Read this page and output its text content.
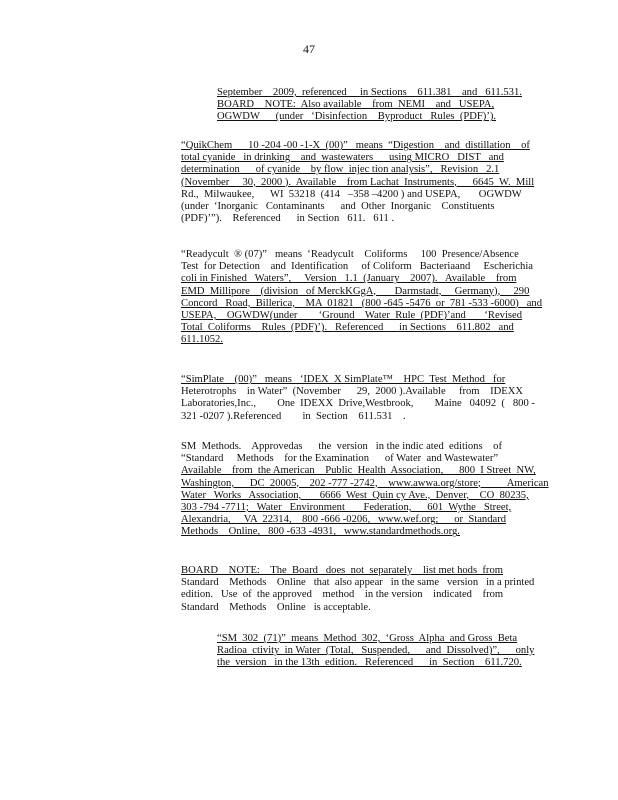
47
September    2009,  referenced     in Sections    611.381    and   611.531.
BOARD    NOTE:  Also available    from  NEMI    and   USEPA,
OGWDW      (under   ‘Disinfection    Byproduct   Rules  (PDF)’).
“QuikChem      10 -204 -00 -1-X  (00)”   means  “Digestion    and  distillation    of
total cyanide   in drinking    and  wastewaters      using MICRO   DIST   and
determination      of cyanide    by flow  injec tion analysis”,   Revision   2.1
(November     30,  2000 ).  Available    from Lachat  Instruments,      6645  W.  Mill
Rd.,  Milwaukee,      WI  53218  (414   –358 –4200 ) and USEPA,       OGWDW
(under  ‘Inorganic   Contaminants      and  Other  Inorganic    Constituents
(PDF)’”).    Referenced      in Section   611.   611 .
“Readycult  ® (07)”   means  ‘Readycult    Coliforms     100  Presence/Absence
Test  for Detection    and  Identification     of Coliform   Bacteriaand     Escherichia
coli in Finished   Waters”,     Version   1.1  (January    2007).   Available    from
EMD  Millipore    (division   of MerckKGgA,       Darmstadt,     Germany),     290
Concord   Road,  Billerica,    MA  01821   (800 -645 -5476  or  781 -533 -6000)   and
USEPA,    OGWDW(under        ‘Ground    Water  Rule  (PDF)’and       ‘Revised
Total  Coliforms    Rules  (PDF)’).   Referenced      in Sections    611.802   and
611.1052.
“SimPlate    (00)”   means   ‘IDEX  X SimPlate™    HPC  Test  Method   for
Heterotrophs    in Water”  (November      29,  2000 ).Available     from    IDEXX
Laboratories,Inc.,        One  IDEXX  Drive,Westbrook,        Maine   04092  (   800 -
321 -0207 ).Referenced        in  Section    611.531    .
SM  Methods.    Approvedas      the  version   in the indic ated  editions    of
“Standard     Methods    for the Examination      of Water  and Wastewater”
Available    from  the American    Public  Health  Association,      800  I Street  NW,
Washington,      DC  20005,    202 -777 -2742,    www.awwa.org/store;          American
Water   Works   Association,       6666  West  Quin cy Ave.,  Denver,    CO  80235,
303 -794 -7711;   Water   Environment       Federation,      601  Wythe   Street,
Alexandria,     VA  22314,    800 -666 -0206,   www.wef.org;      or  Standard
Methods    Online,   800 -633 -4931,   www.standardmethods.org.
BOARD    NOTE:    The  Board   does  not  separately    list met hods  from
Standard    Methods    Online   that  also appear   in the same   version   in a printed
edition.   Use  of  the approved    method    in the version    indicated    from
Standard    Methods    Online   is acceptable.
“SM  302  (71)”  means  Method  302,  ‘Gross  Alpha  and Gross  Beta
Radioa  ctivity  in Water  (Total,   Suspended,      and  Dissolved)”,      only
the  version   in the 13th  edition.   Referenced      in  Section    611.720.
